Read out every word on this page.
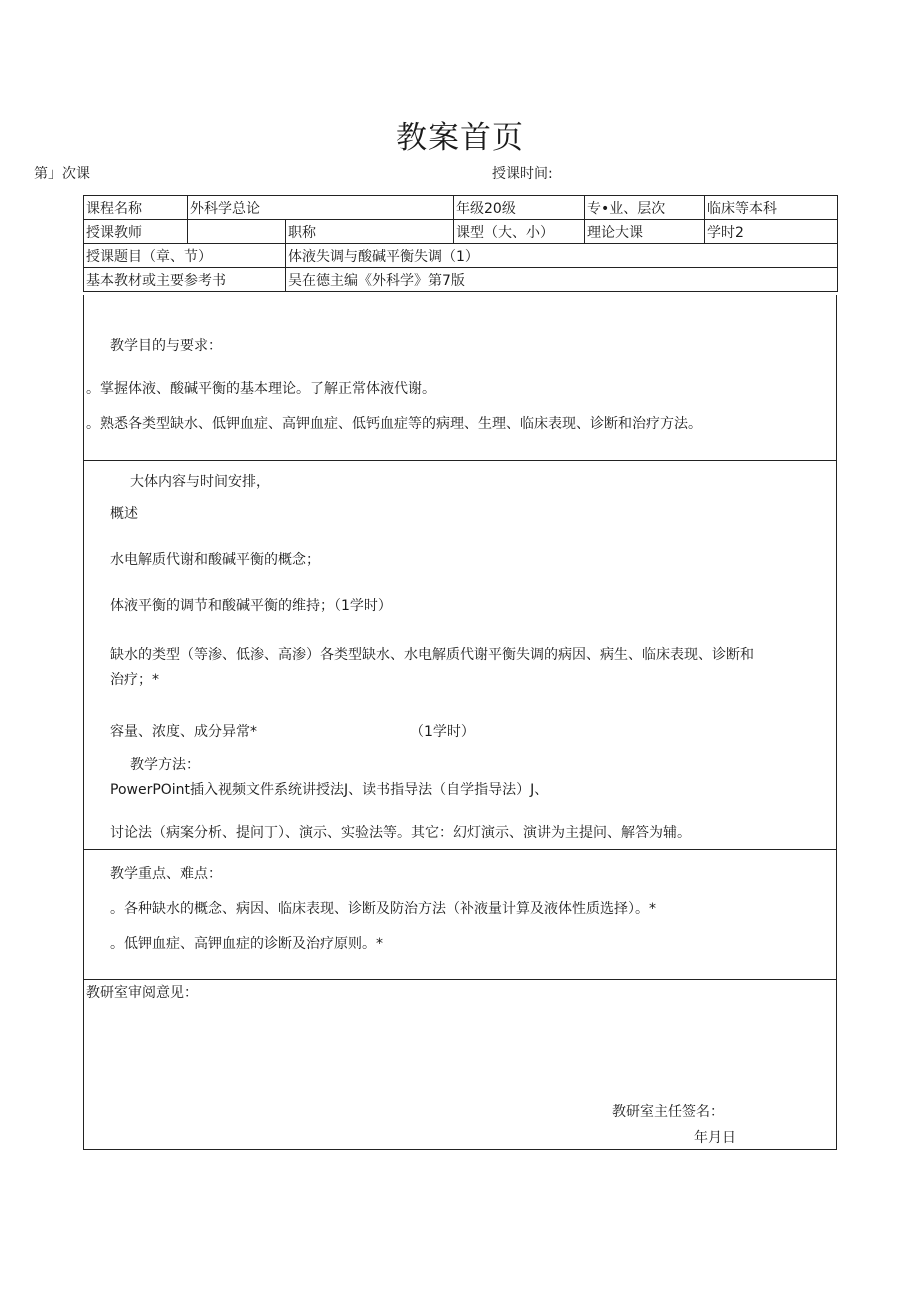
教案首页
第」次课	授课时间:
课程名称	外科学总论		年级20级	专•业、层次	临床等本科
授课教师		职称	课型（大、小）	理论大课	学时2
授课题目（章、节）		体液失调与酸碱平衡失调（1）			
基本教材或主要参考书		吴在德主编《外科学》第7版			
教学目的与要求：
。掌握体液、酸碱平衡的基本理论。了解正常体液代谢。
。熟悉各类型缺水、低钾血症、高钾血症、低钙血症等的病理、生理、临床表现、诊断和治疗方法。
大体内容与时间安排，
概述
水电解质代谢和酸碱平衡的概念；
体液平衡的调节和酸碱平衡的维持；（1学时）
缺水的类型（等渗、低渗、高渗）各类型缺水、水电解质代谢平衡失调的病因、病生、临床表现、诊断和
治疗；*
容量、浓度、成分异常*	（1学时）
教学方法：
PowerPOint插入视频文件系统讲授法J、读书指导法（自学指导法）J、
讨论法（病案分析、提问丁）、演示、实验法等。其它：幻灯演示、演讲为主提问、解答为辅。
教学重点、难点：
。各种缺水的概念、病因、临床表现、诊断及防治方法（补液量计算及液体性质选择）。*
。低钾血症、高钾血症的诊断及治疗原则。*
教研室审阅意见：
教研室主任签名：
年月日
